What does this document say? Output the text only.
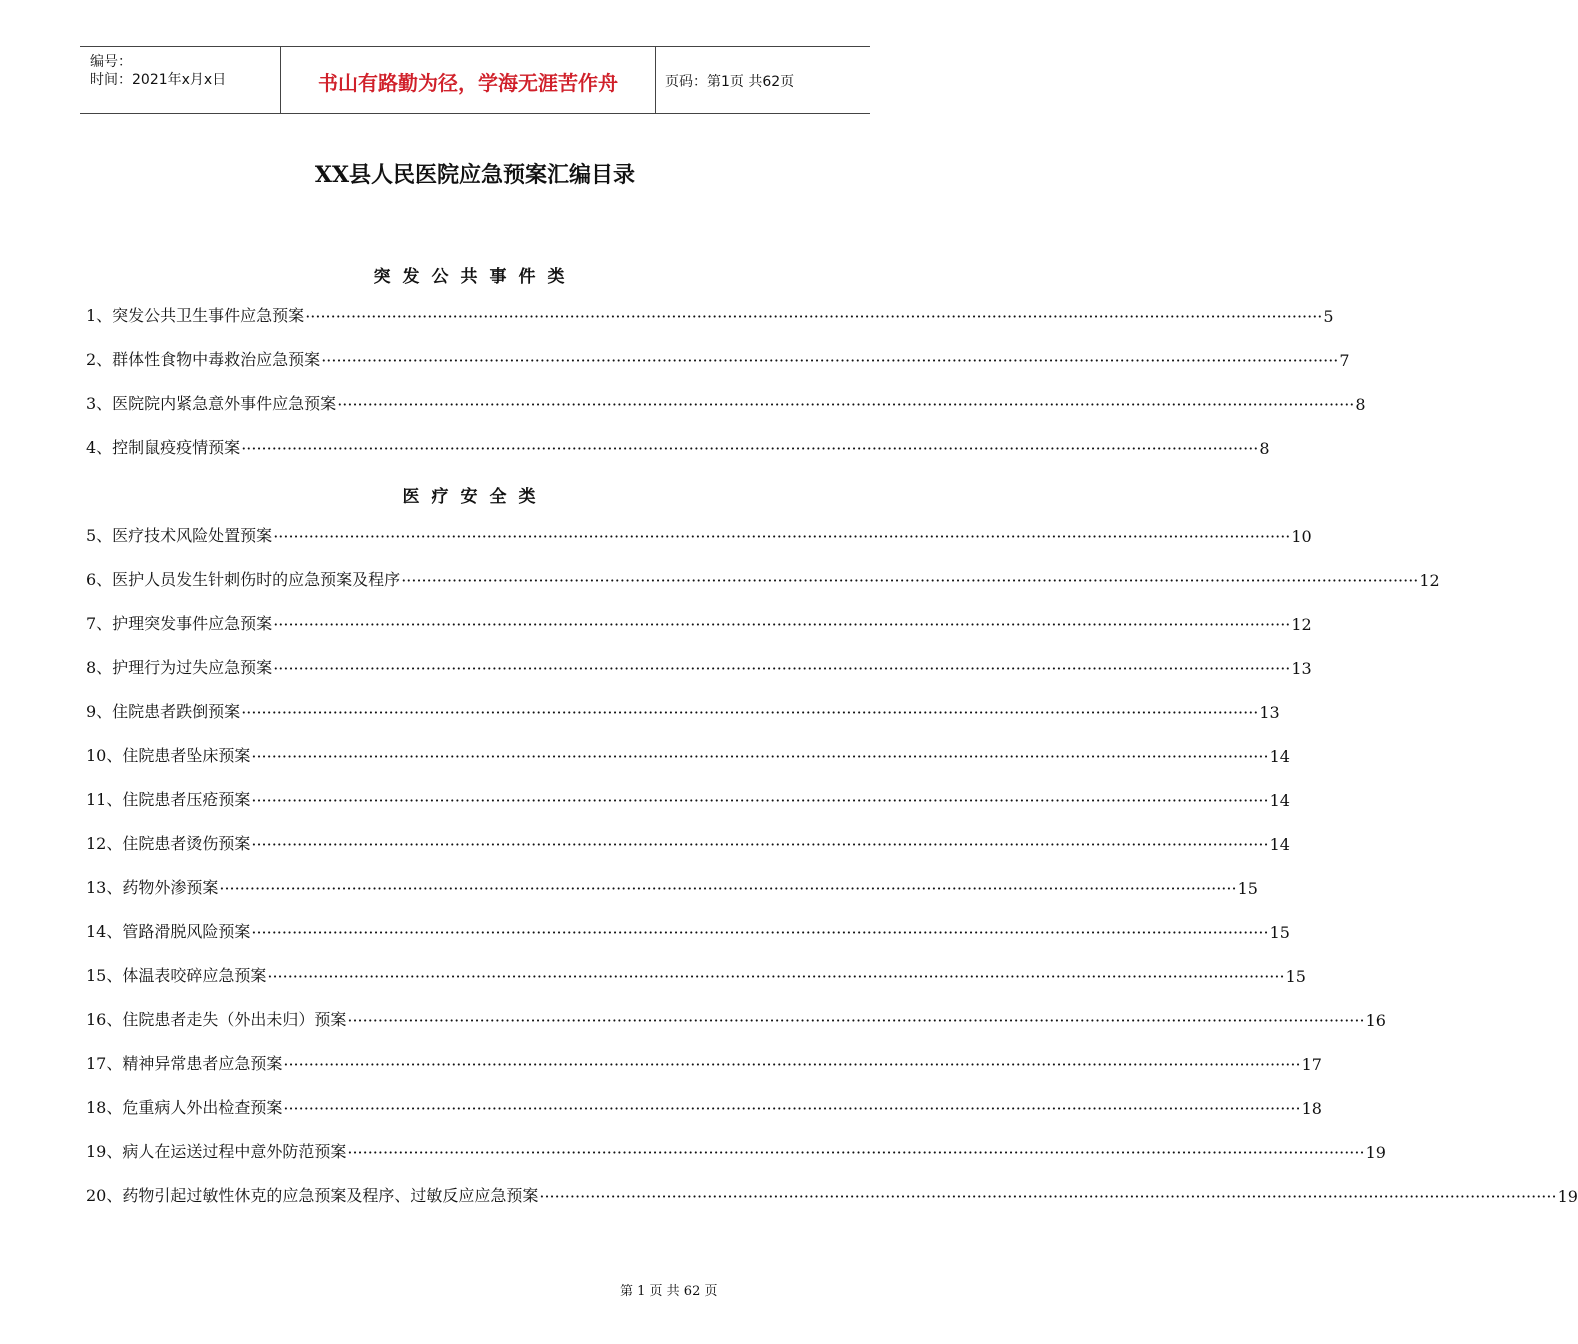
编号：
时间：2021年x月x日	书山有路勤为径，学海无涯苦作舟	页码：第1页 共62页
XX县人民医院应急预案汇编目录
突发公共事件类
1、突发公共卫生事件应急预案 ········································································································································································································ 5
2、群体性食物中毒救治应急预案 ········································································································································································································ 7
3、医院院内紧急意外事件应急预案 ········································································································································································································ 8
4、控制鼠疫疫情预案 ········································································································································································································ 8
医疗安全类
5、医疗技术风险处置预案 ········································································································································································································ 10
6、医护人员发生针刺伤时的应急预案及程序 ········································································································································································································ 12
7、护理突发事件应急预案 ········································································································································································································ 12
8、护理行为过失应急预案 ········································································································································································································ 13
9、住院患者跌倒预案 ········································································································································································································ 13
10、住院患者坠床预案 ········································································································································································································ 14
11、住院患者压疮预案 ········································································································································································································ 14
12、住院患者烫伤预案 ········································································································································································································ 14
13、药物外渗预案 ········································································································································································································ 15
14、管路滑脱风险预案 ········································································································································································································ 15
15、体温表咬碎应急预案 ········································································································································································································ 15
16、住院患者走失（外出未归）预案 ········································································································································································································ 16
17、精神异常患者应急预案 ········································································································································································································ 17
18、危重病人外出检查预案 ········································································································································································································ 18
19、病人在运送过程中意外防范预案 ········································································································································································································ 19
20、药物引起过敏性休克的应急预案及程序、过敏反应应急预案 ········································································································································································································ 19
第 1 页 共 62 页
